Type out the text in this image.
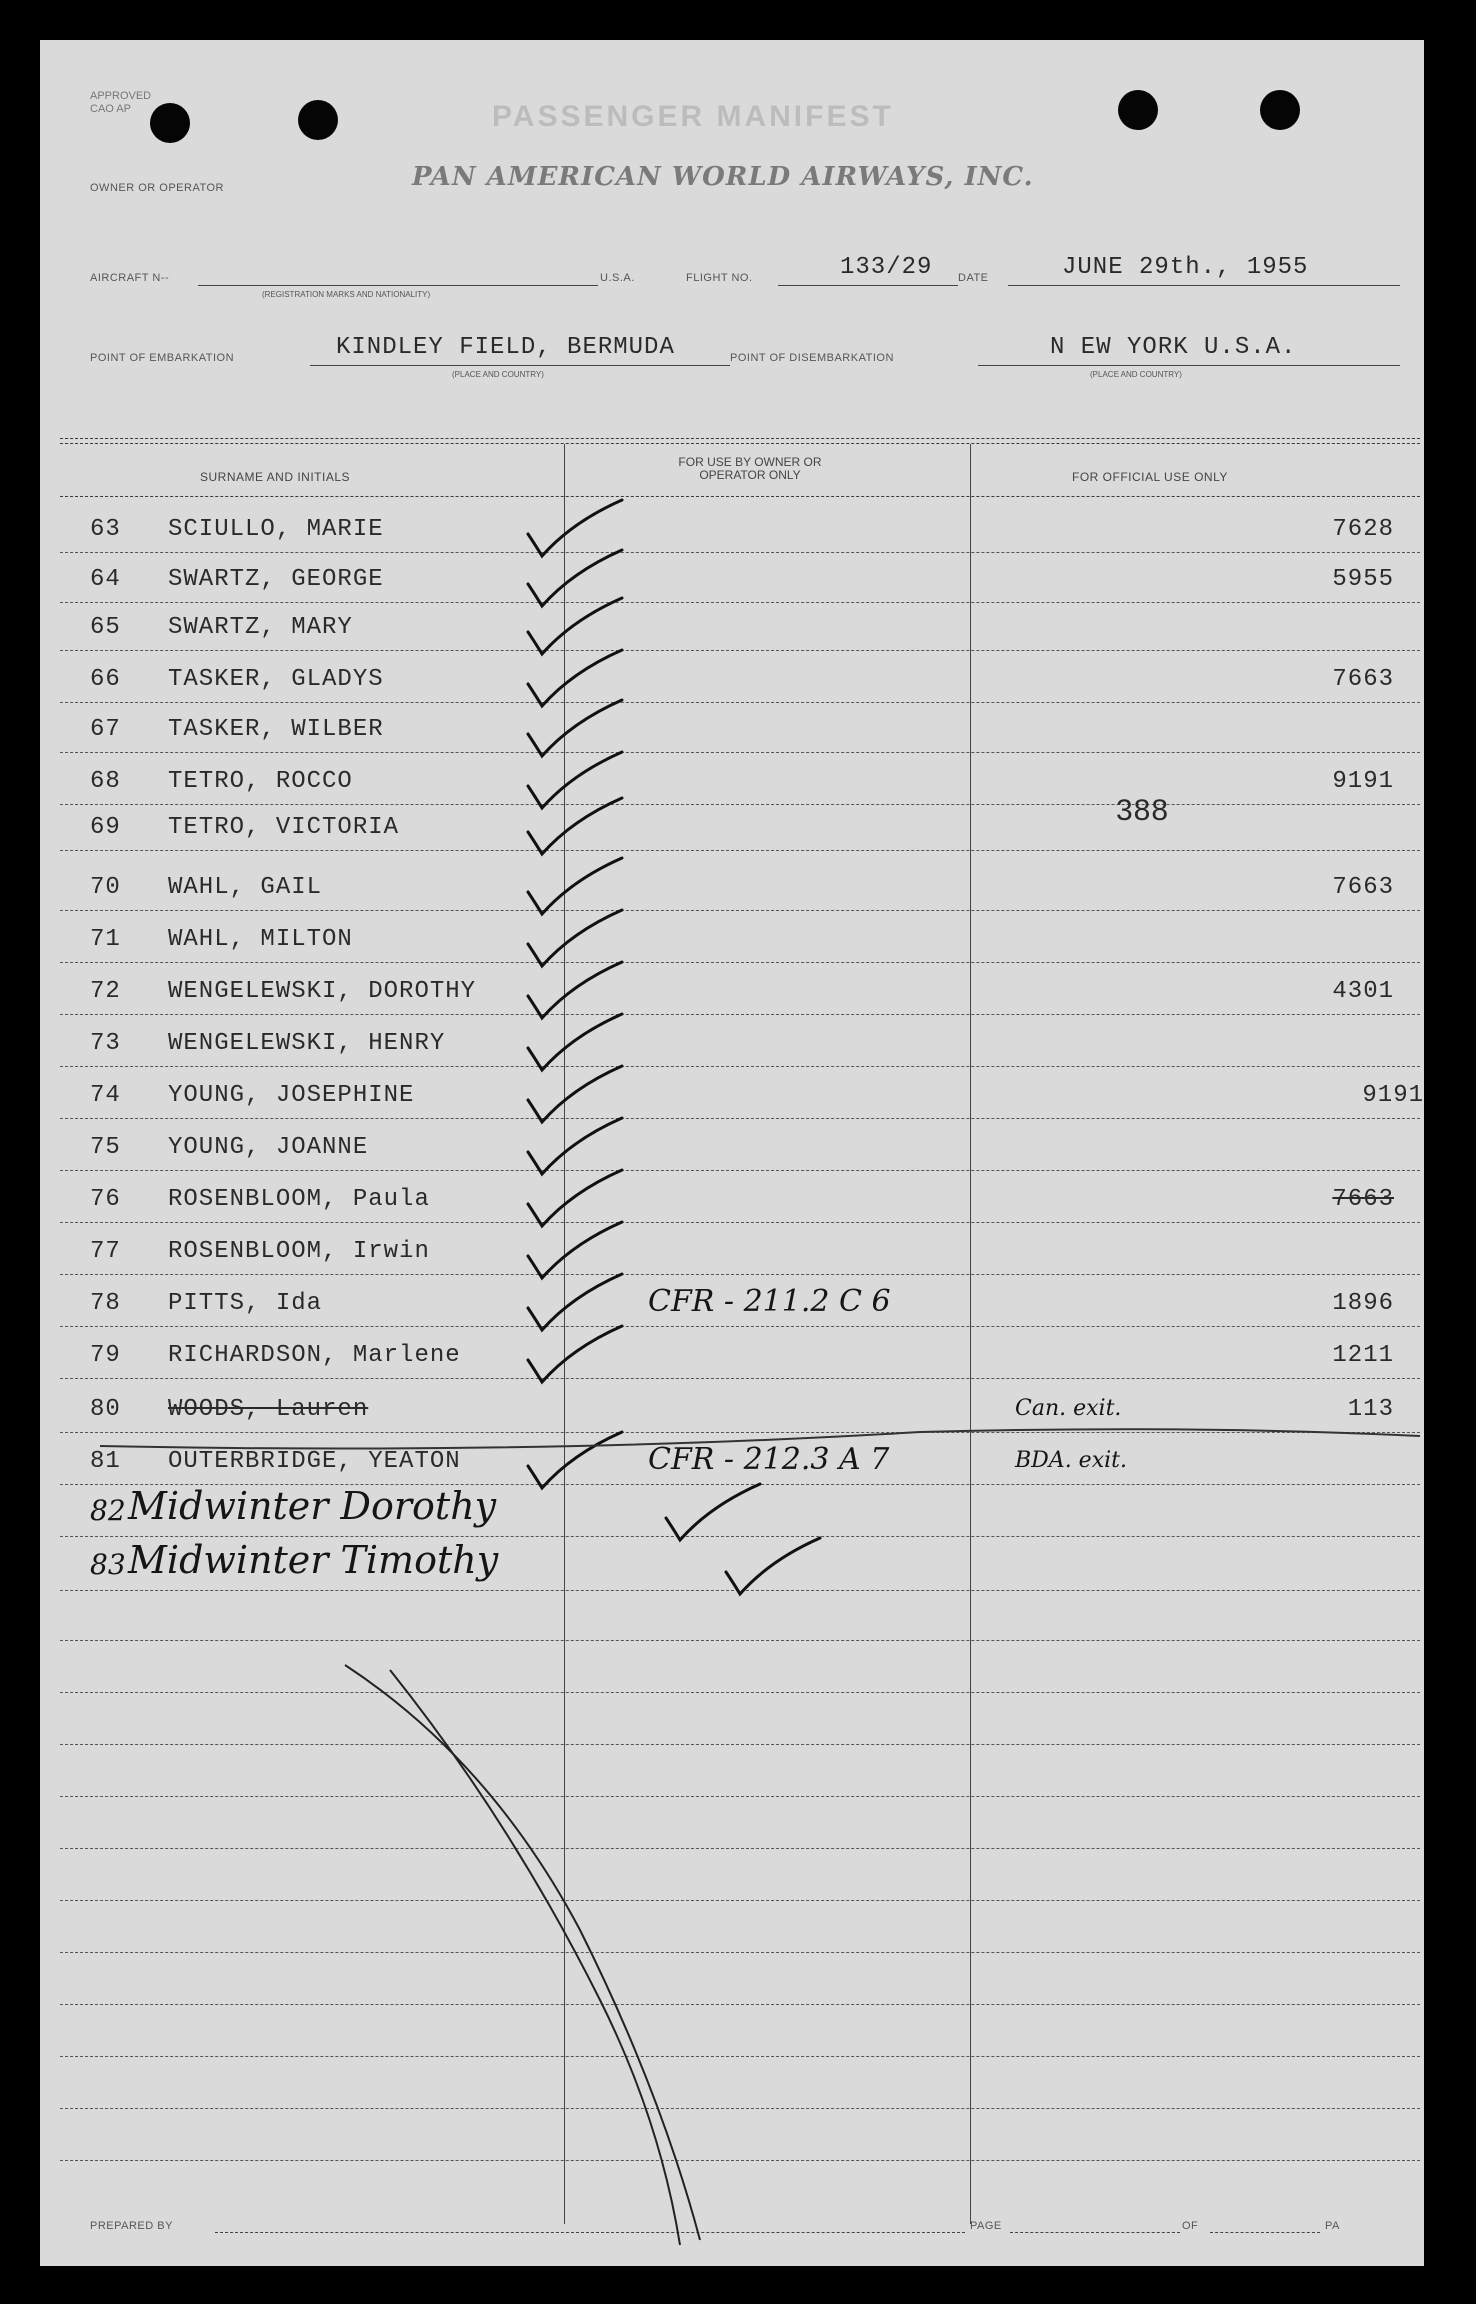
APPROVED
CAO AP	PASSENGER MANIFEST
OWNER OR OPERATOR	PAN AMERICAN WORLD AIRWAYS, INC.
AIRCRAFT N--
(REGISTRATION MARKS AND NATIONALITY)
U.S.A.	FLIGHT NO.	133/29 DATE	JUNE 29th., 1955
POINT OF EMBARKATION	KINDLEY FIELD, BERMUDA
(PLACE AND COUNTRY)
POINT OF DISEMBARKATION	N EW YORK U.S.A.
(PLACE AND COUNTRY)
SURNAME AND INITIALS
FOR USE BY OWNER OR OPERATOR ONLY	FOR OFFICIAL USE ONLY
63 SCIULLO, MARIE	7628
64 SWARTZ, GEORGE	5955
65 SWARTZ, MARY
66 TASKER, GLADYS	7663
67 TASKER, WILBER
68 TETRO, ROCCO	9191
69 TETRO, VICTORIA
388
70 WAHL, GAIL	7663
71 WAHL, MILTON
72 WENGELEWSKI, DOROTHY	4301
73 WENGELEWSKI, HENRY
74 YOUNG, JOSEPHINE	9191
75 YOUNG, JOANNE
76 ROSENBLOOM, Paula	7663
77 ROSENBLOOM, Irwin
78 PITTS, Ida	CFR - 211.2 C 6	1896
79 RICHARDSON, Marlene	1211
80 WOODS, Lauren	Can. exit.	113
81 OUTERBRIDGE, YEATON	CFR - 212.3 A 7	BDA. exit.
82 Midwinter Dorothy
83 Midwinter Timothy
PREPARED BY	PAGE	OF	PA
